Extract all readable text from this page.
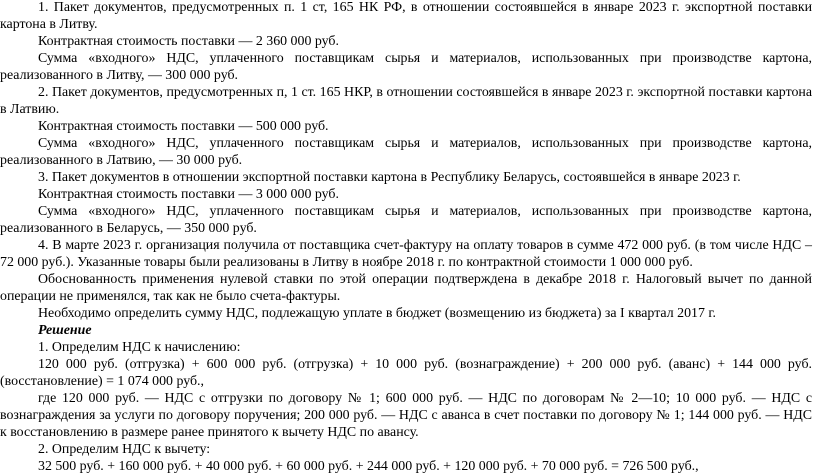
1. Пакет документов, предусмотренных п. 1 ст, 165 НК РФ, в отношении состоявшейся в январе 2023 г. экспортной поставки картона в Литву.

Контрактная стоимость поставки — 2 360 000 руб.

Сумма «входного» НДС, уплаченного поставщикам сырья и материалов, использованных при производстве картона, реализованного в Литву, — 300 000 руб.

2. Пакет документов, предусмотренных п, 1 ст. 165 НКР, в отношении состоявшейся в январе 2023 г. экспортной поставки картона в Латвию.

Контрактная стоимость поставки — 500 000 руб.

Сумма «входного» НДС, уплаченного поставщикам сырья и материалов, использованных при производстве картона, реализованного в Латвию, — 30 000 руб.

3. Пакет документов в отношении экспортной поставки картона в Республику Беларусь, состоявшейся в январе 2023 г.

Контрактная стоимость поставки — 3 000 000 руб.

Сумма «входного» НДС, уплаченного поставщикам сырья и материалов, использованных при производстве картона, реализованного в Беларусь, — 350 000 руб.

4. В марте 2023 г. организация получила от поставщика счет-фактуру на оплату товаров в сумме 472 000 руб. (в том числе НДС – 72 000 руб.). Указанные товары были реализованы в Литву в ноябре 2018 г. по контрактной стоимости 1 000 000 руб.

Обоснованность применения нулевой ставки по этой операции подтверждена в декабре 2018 г. Налоговый вычет по данной операции не применялся, так как не было счета-фактуры.

Необходимо определить сумму НДС, подлежащую уплате в бюджет (возмещению из бюджета) за I квартал 2017 г.

Решение

1. Определим НДС к начислению:

120 000 руб. (отгрузка) + 600 000 руб. (отгрузка) + 10 000 руб. (вознаграждение) + 200 000 руб. (аванс) + 144 000 руб. (восстановление) = 1 074 000 руб.,

где 120 000 руб. — НДС с отгрузки по договору № 1; 600 000 руб. — НДС по договорам № 2—10; 10 000 руб. — НДС с вознаграждения за услуги по договору поручения; 200 000 руб. — НДС с аванса в счет поставки по договору № 1; 144 000 руб. — НДС к восстановлению в размере ранее принятого к вычету НДС по авансу.

2. Определим НДС к вычету:

32 500 руб. + 160 000 руб. + 40 000 руб. + 60 000 руб. + 244 000 руб. + 120 000 руб. + 70 000 руб. = 726 500 руб.,
